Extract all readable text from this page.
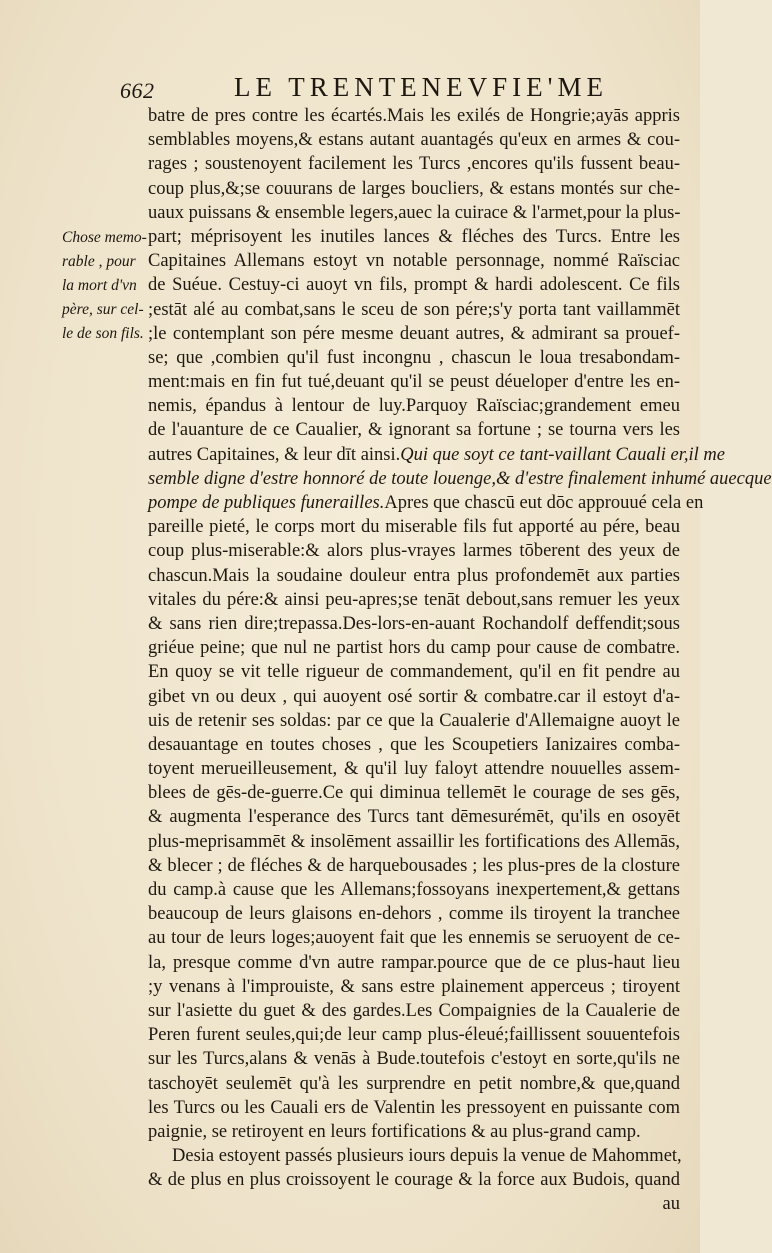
662	LE TRENTENEVFIE'ME
Chose memo-
rable , pour
la mort d'vn
père, sur cel-
le de son fils.
batre de pres contre les écartés.Mais les exilés de Hongrie;ayās appris
semblables moyens,& estans autant auantagés qu'eux en armes & cou-
rages ; soustenoyent facilement les Turcs ,encores qu'ils fussent beau-
coup plus,&;se couurans de larges boucliers, & estans montés sur che-
uaux puissans & ensemble legers,auec la cuirace & l'armet,pour la plus-
part; méprisoyent les inutiles lances & fléches des Turcs. Entre les
Capitaines Allemans estoyt vn notable personnage, nommé Raïsciac
de Suéue. Cestuy-ci auoyt vn fils, prompt & hardi adolescent. Ce fils
;estāt alé au combat,sans le sceu de son pére;s'y porta tant vaillammēt
;le contemplant son pére mesme deuant autres, & admirant sa prouef-
se; que ,combien qu'il fust incongnu , chascun le loua tresabondam-
ment:mais en fin fut tué,deuant qu'il se peust déueloper d'entre les en-
nemis, épandus à lentour de luy.Parquoy Raïsciac;grandement emeu
de l'auanture de ce Caualier, & ignorant sa fortune ; se tourna vers les
autres Capitaines, & leur dīt ainsi.Qui que soyt ce tant-vaillant Cauali er,il me
semble digne d'estre honnoré de toute louenge,& d'estre finalement inhumé auecque
pompe de publiques funerailles.Apres que chascū eut dōc approuué cela en
pareille pieté, le corps mort du miserable fils fut apporté au pére, beau
coup plus-miserable:& alors plus-vrayes larmes tōberent des yeux de
chascun.Mais la soudaine douleur entra plus profondemēt aux parties
vitales du pére:& ainsi peu-apres;se tenāt debout,sans remuer les yeux
& sans rien dire;trepassa.Des-lors-en-auant Rochandolf deffendit;sous
griéue peine; que nul ne partist hors du camp pour cause de combatre.
En quoy se vit telle rigueur de commandement, qu'il en fit pendre au
gibet vn ou deux , qui auoyent osé sortir & combatre.car il estoyt d'a-
uis de retenir ses soldas: par ce que la Caualerie d'Allemaigne auoyt le
desauantage en toutes choses , que les Scoupetiers Ianizaires comba-
toyent merueilleusement, & qu'il luy faloyt attendre nouuelles assem-
blees de gēs-de-guerre.Ce qui diminua tellemēt le courage de ses gēs,
& augmenta l'esperance des Turcs tant dēmesurémēt, qu'ils en osoyēt
plus-meprisammēt & insolēment assaillir les fortifications des Allemās,
& blecer ; de fléches & de harquebousades ; les plus-pres de la closture
du camp.à cause que les Allemans;fossoyans inexpertement,& gettans
beaucoup de leurs glaisons en-dehors , comme ils tiroyent la tranchee
au tour de leurs loges;auoyent fait que les ennemis se seruoyent de ce-
la, presque comme d'vn autre rampar.pource que de ce plus-haut lieu
;y venans à l'improuiste, & sans estre plainement apperceus ; tiroyent
sur l'asiette du guet & des gardes.Les Compaignies de la Caualerie de
Peren furent seules,qui;de leur camp plus-éleué;faillissent souuentefois
sur les Turcs,alans & venās à Bude.toutefois c'estoyt en sorte,qu'ils ne
taschoyēt seulemēt qu'à les surprendre en petit nombre,& que,quand
les Turcs ou les Cauali ers de Valentin les pressoyent en puissante com
paignie, se retiroyent en leurs fortifications & au plus-grand camp.
Desia estoyent passés plusieurs iours depuis la venue de Mahommet,
& de plus en plus croissoyent le courage & la force aux Budois, quand
au
